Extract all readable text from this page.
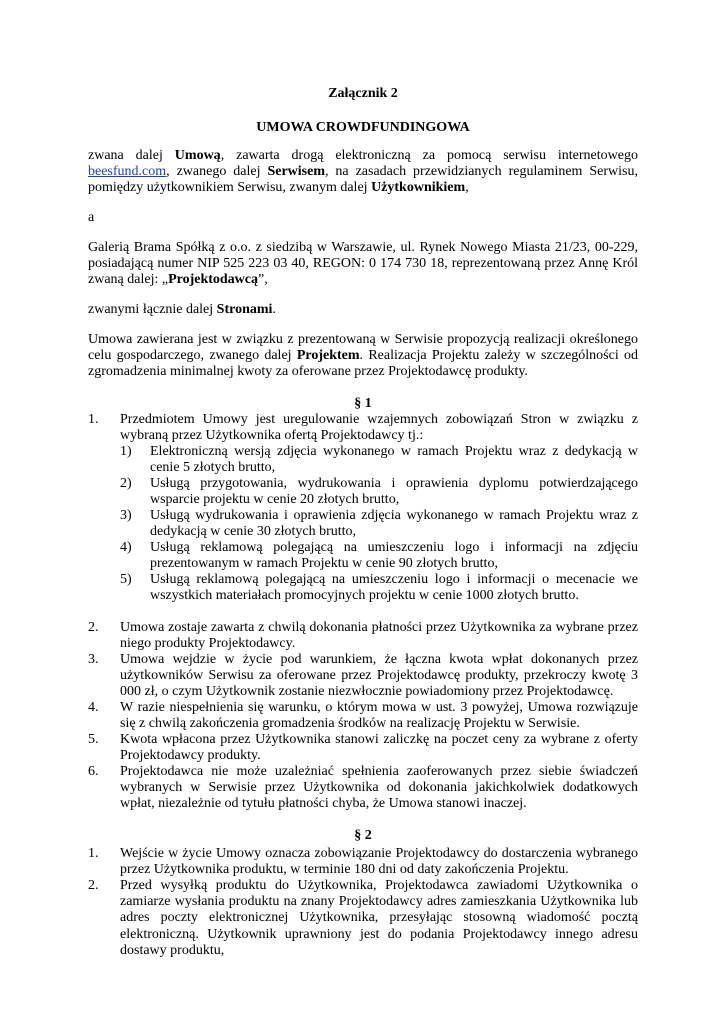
Załącznik 2
UMOWA CROWDFUNDINGOWA

zwana dalej Umową, zawarta drogą elektroniczną za pomocą serwisu internetowego beesfund.com, zwanego dalej Serwisem, na zasadach przewidzianych regulaminem Serwisu, pomiędzy użytkownikiem Serwisu, zwanym dalej Użytkownikiem,

a

Galerią Brama Spółką z o.o. z siedzibą w Warszawie, ul. Rynek Nowego Miasta 21/23, 00-229, posiadającą numer NIP 525 223 03 40, REGON: 0 174 730 18, reprezentowaną przez Annę Król zwaną dalej: „Projektodawcą”,

zwanymi łącznie dalej Stronami.

Umowa zawierana jest w związku z prezentowaną w Serwisie propozycją realizacji określonego celu gospodarczego, zwanego dalej Projektem. Realizacja Projektu zależy w szczególności od zgromadzenia minimalnej kwoty za oferowane przez Projektodawcę produkty.

§ 1
1.	Przedmiotem Umowy jest uregulowanie wzajemnych zobowiązań Stron w związku z wybraną przez Użytkownika ofertą Projektodawcy tj.:
1)	Elektroniczną wersją zdjęcia wykonanego w ramach Projektu wraz z dedykacją w cenie 5 złotych brutto,
2)	Usługą przygotowania, wydrukowania i oprawienia dyplomu potwierdzającego wsparcie projektu w cenie 20 złotych brutto,
3)	Usługą wydrukowania i oprawienia zdjęcia wykonanego w ramach Projektu wraz z dedykacją w cenie 30 złotych brutto,
4)	Usługą reklamową polegającą na umieszczeniu logo i informacji na zdjęciu prezentowanym w ramach Projektu w cenie 90 złotych brutto,
5)	Usługą reklamową polegającą na umieszczeniu logo i informacji o mecenacie we wszystkich materiałach promocyjnych projektu w cenie 1000 złotych brutto.
2.	Umowa zostaje zawarta z chwilą dokonania płatności przez Użytkownika za wybrane przez niego produkty Projektodawcy.
3.	Umowa wejdzie w życie pod warunkiem, że łączna kwota wpłat dokonanych przez użytkowników Serwisu za oferowane przez Projektodawcę produkty, przekroczy kwotę 3 000 zł, o czym Użytkownik zostanie niezwłocznie powiadomiony przez Projektodawcę.
4.	W razie niespełnienia się warunku, o którym mowa w ust. 3 powyżej, Umowa rozwiązuje się z chwilą zakończenia gromadzenia środków na realizację Projektu w Serwisie.
5.	Kwota wpłacona przez Użytkownika stanowi zaliczkę na poczet ceny za wybrane z oferty Projektodawcy produkty.
6.	Projektodawca nie może uzależniać spełnienia zaoferowanych przez siebie świadczeń wybranych w Serwisie przez Użytkownika od dokonania jakichkolwiek dodatkowych wpłat, niezależnie od tytułu płatności chyba, że Umowa stanowi inaczej.
§ 2
1.	Wejście w życie Umowy oznacza zobowiązanie Projektodawcy do dostarczenia wybranego przez Użytkownika produktu, w terminie 180 dni od daty zakończenia Projektu.
2.	Przed wysyłką produktu do Użytkownika, Projektodawca zawiadomi Użytkownika o zamiarze wysłania produktu na znany Projektodawcy adres zamieszkania Użytkownika lub adres poczty elektronicznej Użytkownika, przesyłając stosowną wiadomość pocztą elektroniczną. Użytkownik uprawniony jest do podania Projektodawcy innego adresu dostawy produktu,
